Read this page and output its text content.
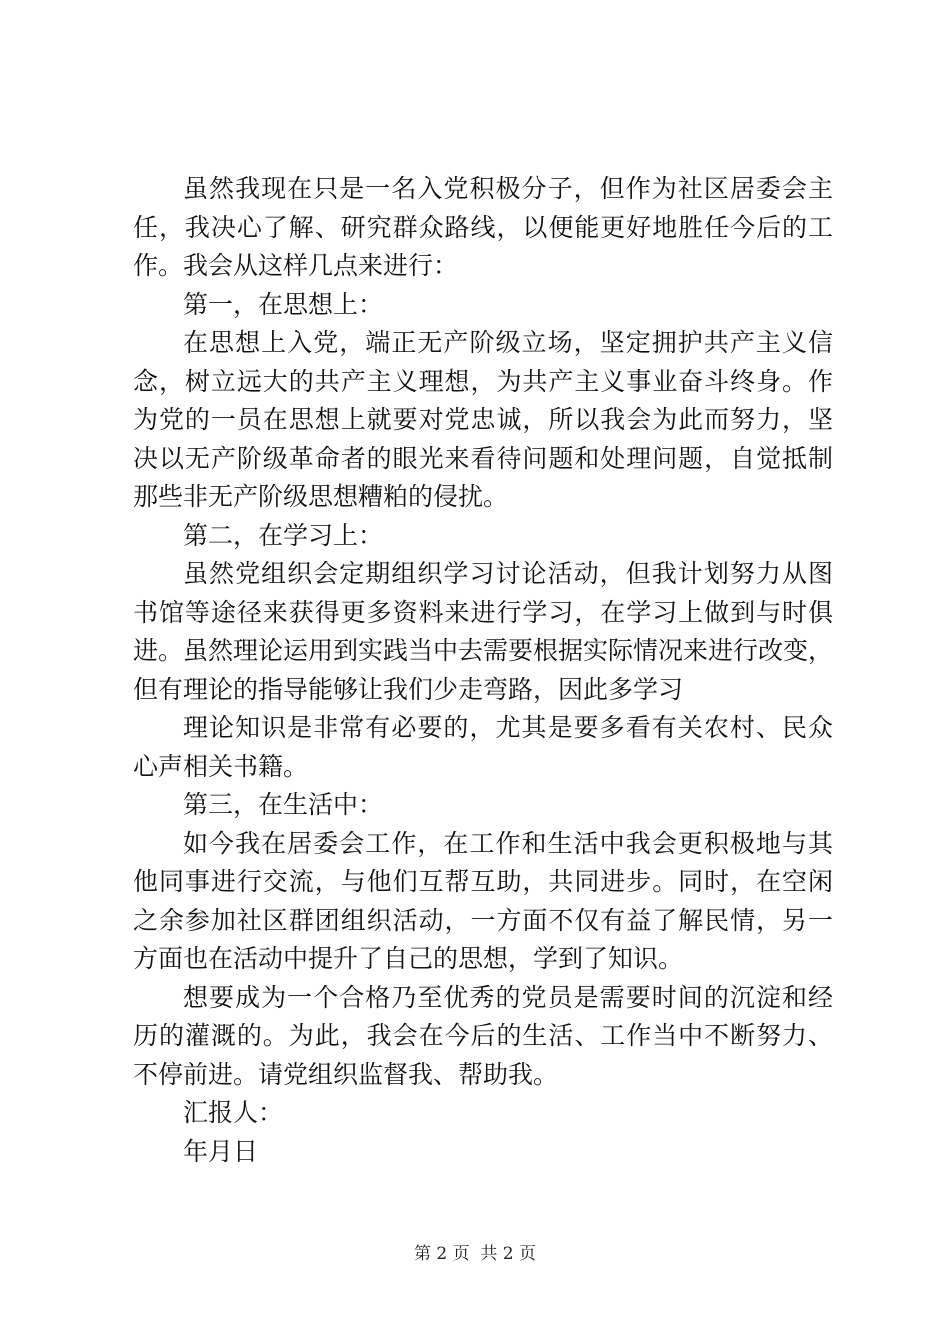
虽然我现在只是一名入党积极分子，但作为社区居委会主
任，我决心了解、研究群众路线，以便能更好地胜任今后的工
作。我会从这样几点来进行：
第一，在思想上：
在思想上入党，端正无产阶级立场，坚定拥护共产主义信
念，树立远大的共产主义理想，为共产主义事业奋斗终身。作
为党的一员在思想上就要对党忠诚，所以我会为此而努力，坚
决以无产阶级革命者的眼光来看待问题和处理问题，自觉抵制
那些非无产阶级思想糟粕的侵扰。
第二，在学习上：
虽然党组织会定期组织学习讨论活动，但我计划努力从图
书馆等途径来获得更多资料来进行学习，在学习上做到与时俱
进。虽然理论运用到实践当中去需要根据实际情况来进行改变，
但有理论的指导能够让我们少走弯路，因此多学习
理论知识是非常有必要的，尤其是要多看有关农村、民众
心声相关书籍。
第三，在生活中：
如今我在居委会工作，在工作和生活中我会更积极地与其
他同事进行交流，与他们互帮互助，共同进步。同时，在空闲
之余参加社区群团组织活动，一方面不仅有益了解民情，另一
方面也在活动中提升了自己的思想，学到了知识。
想要成为一个合格乃至优秀的党员是需要时间的沉淀和经
历的灌溉的。为此，我会在今后的生活、工作当中不断努力、
不停前进。请党组织监督我、帮助我。
汇报人：
年月日
第 2 页  共 2 页
